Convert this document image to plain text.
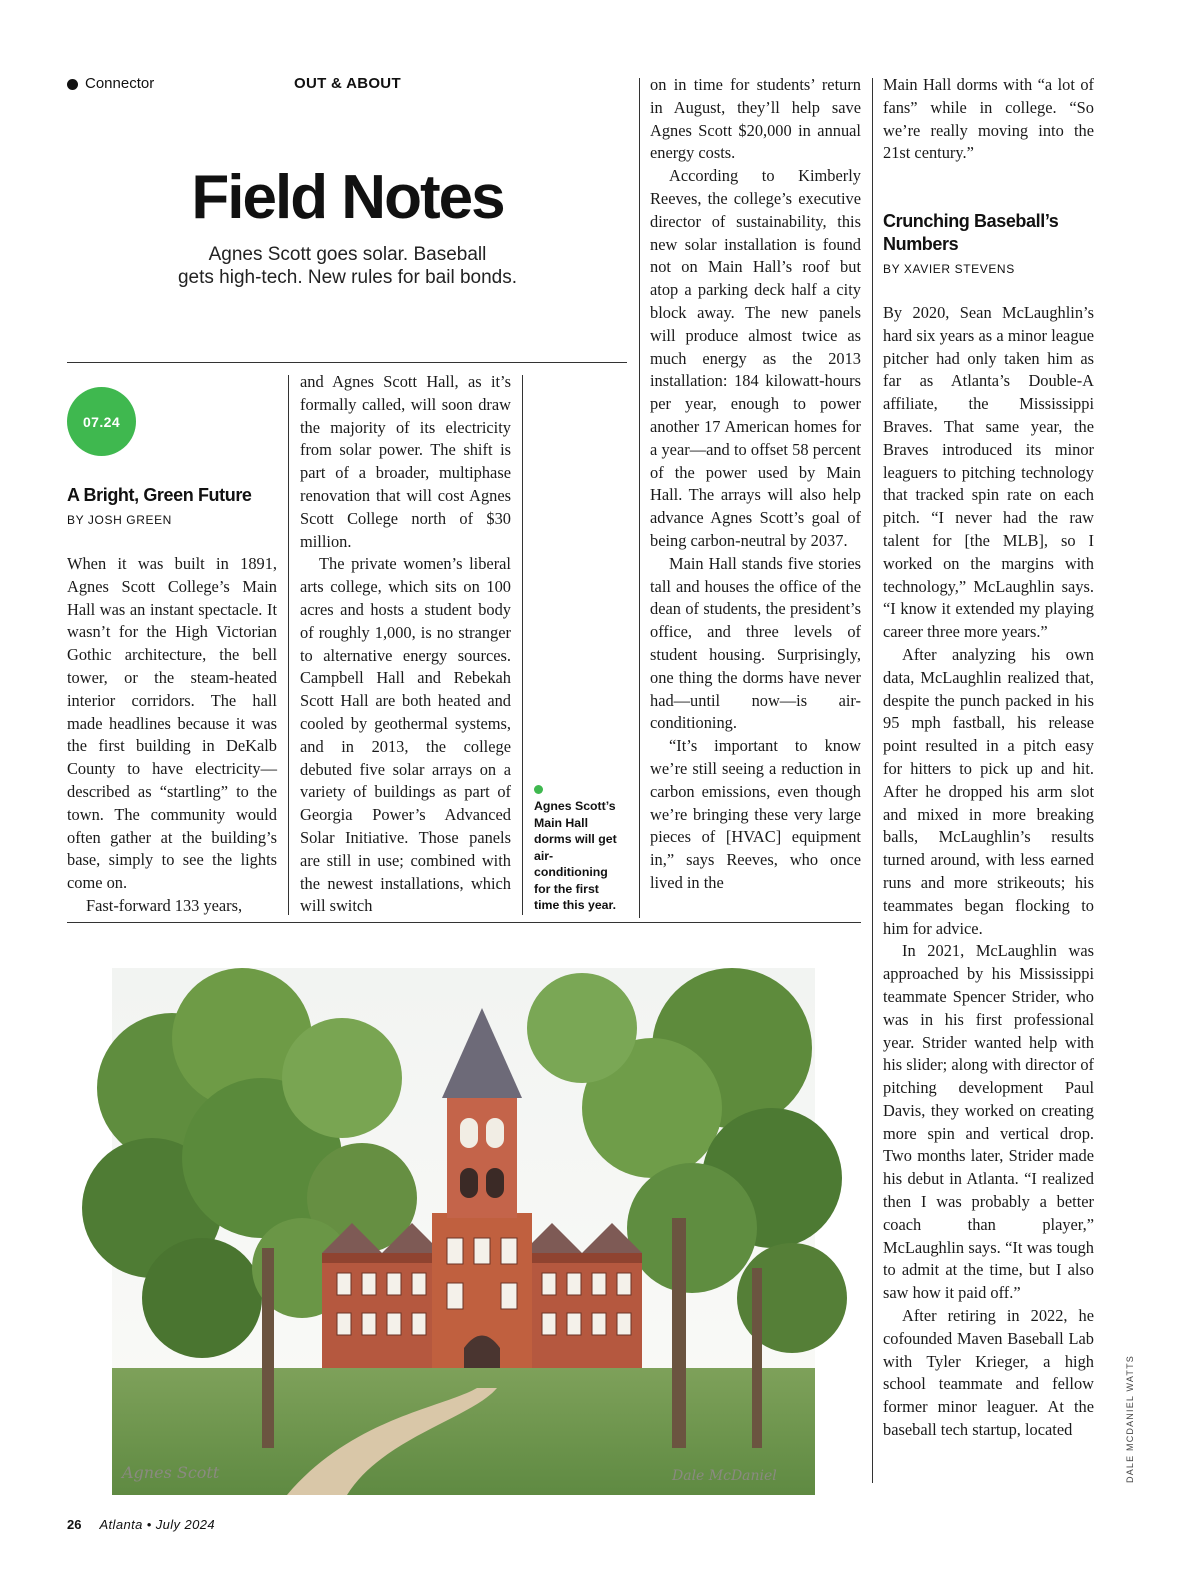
Connector	OUT & ABOUT
Field Notes
Agnes Scott goes solar. Baseball
gets high-tech. New rules for bail bonds.
07.24
A Bright, Green Future
BY JOSH GREEN

When it was built in 1891, Agnes Scott College’s Main Hall was an instant spectacle. It wasn’t for the High Victorian Gothic architecture, the bell tower, or the steam-heated interior corridors. The hall made headlines because it was the first building in DeKalb County to have electricity—described as “startling” to the town. The community would often gather at the building’s base, simply to see the lights come on.

Fast-forward 133 years,

and Agnes Scott Hall, as it’s formally called, will soon draw the majority of its electricity from solar power. The shift is part of a broader, multiphase renovation that will cost Agnes Scott College north of $30 million.

The private women’s liberal arts college, which sits on 100 acres and hosts a student body of roughly 1,000, is no stranger to alternative energy sources. Campbell Hall and Rebekah Scott Hall are both heated and cooled by geothermal systems, and in 2013, the college debuted five solar arrays on a variety of buildings as part of Georgia Power’s Advanced Solar Initiative. Those panels are still in use; combined with the newest installations, which will switch

Agnes Scott’s Main Hall dorms will get air-conditioning for the first time this year.

on in time for students’ return in August, they’ll help save Agnes Scott $20,000 in annual energy costs.

According to Kimberly Reeves, the college’s executive director of sustainability, this new solar installation is found not on Main Hall’s roof but atop a parking deck half a city block away. The new panels will produce almost twice as much energy as the 2013 installation: 184 kilowatt-hours per year, enough to power another 17 American homes for a year—and to offset 58 percent of the power used by Main Hall. The arrays will also help advance Agnes Scott’s goal of being carbon-neutral by 2037.

Main Hall stands five stories tall and houses the office of the dean of students, the president’s office, and three levels of student housing. Surprisingly, one thing the dorms have never had—until now—is air-conditioning.

“It’s important to know we’re still seeing a reduction in carbon emissions, even though we’re bringing these very large pieces of [HVAC] equipment in,” says Reeves, who once lived in the

Main Hall dorms with “a lot of fans” while in college. “So we’re really moving into the 21st century.”

Crunching Baseball’s
Numbers
BY XAVIER STEVENS

By 2020, Sean McLaughlin’s hard six years as a minor league pitcher had only taken him as far as Atlanta’s Double-A affiliate, the Mississippi Braves. That same year, the Braves introduced its minor leaguers to pitching technology that tracked spin rate on each pitch. “I never had the raw talent for [the MLB], so I worked on the margins with technology,” McLaughlin says. “I know it extended my playing career three more years.”

After analyzing his own data, McLaughlin realized that, despite the punch packed in his 95 mph fastball, his release point resulted in a pitch easy for hitters to pick up and hit. After he dropped his arm slot and mixed in more breaking balls, McLaughlin’s results turned around, with less earned runs and more strikeouts; his teammates began flocking to him for advice.

In 2021, McLaughlin was approached by his Mississippi teammate Spencer Strider, who was in his first professional year. Strider wanted help with his slider; along with director of pitching development Paul Davis, they worked on creating more spin and vertical drop. Two months later, Strider made his debut in Atlanta. “I realized then I was probably a better coach than player,” McLaughlin says. “It was tough to admit at the time, but I also saw how it paid off.”

After retiring in 2022, he cofounded Maven Baseball Lab with Tyler Krieger, a high school teammate and fellow former minor leaguer. At the baseball tech startup, located

Agnes Scott	Dale McDaniel	DALE MCDANIEL WATTS
26 Atlanta • July 2024
